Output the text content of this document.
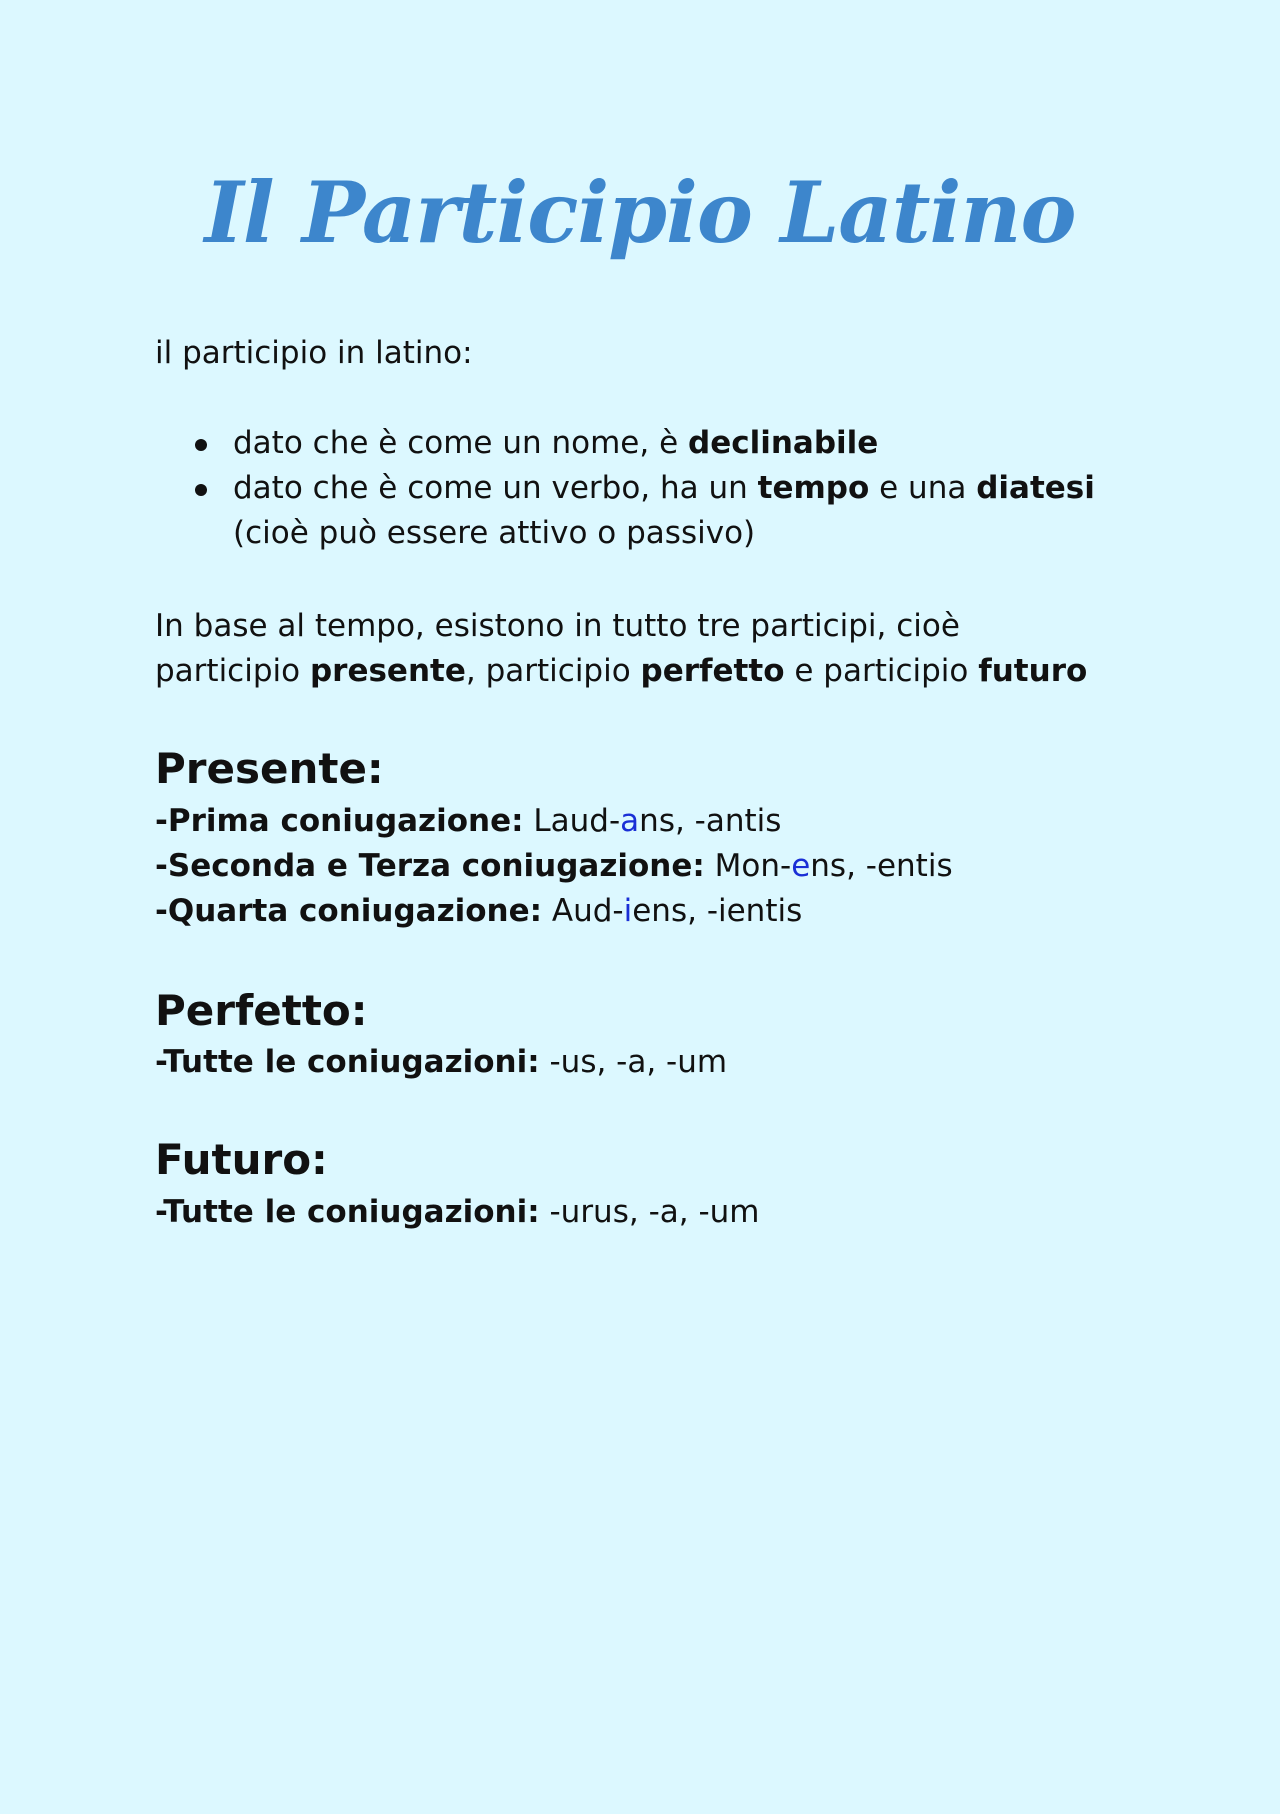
Il Participio Latino
il participio in latino:
dato che è come un nome, è declinabile
dato che è come un verbo, ha un tempo e una diatesi (cioè può essere attivo o passivo)
In base al tempo, esistono in tutto tre participi, cioè
participio presente, participio perfetto e participio futuro
Presente:
-Prima coniugazione: Laud-ans, -antis
-Seconda e Terza coniugazione: Mon-ens, -entis
-Quarta coniugazione: Aud-iens, -ientis
Perfetto:
-Tutte le coniugazioni: -us, -a, -um
Futuro:
-Tutte le coniugazioni: -urus, -a, -um
